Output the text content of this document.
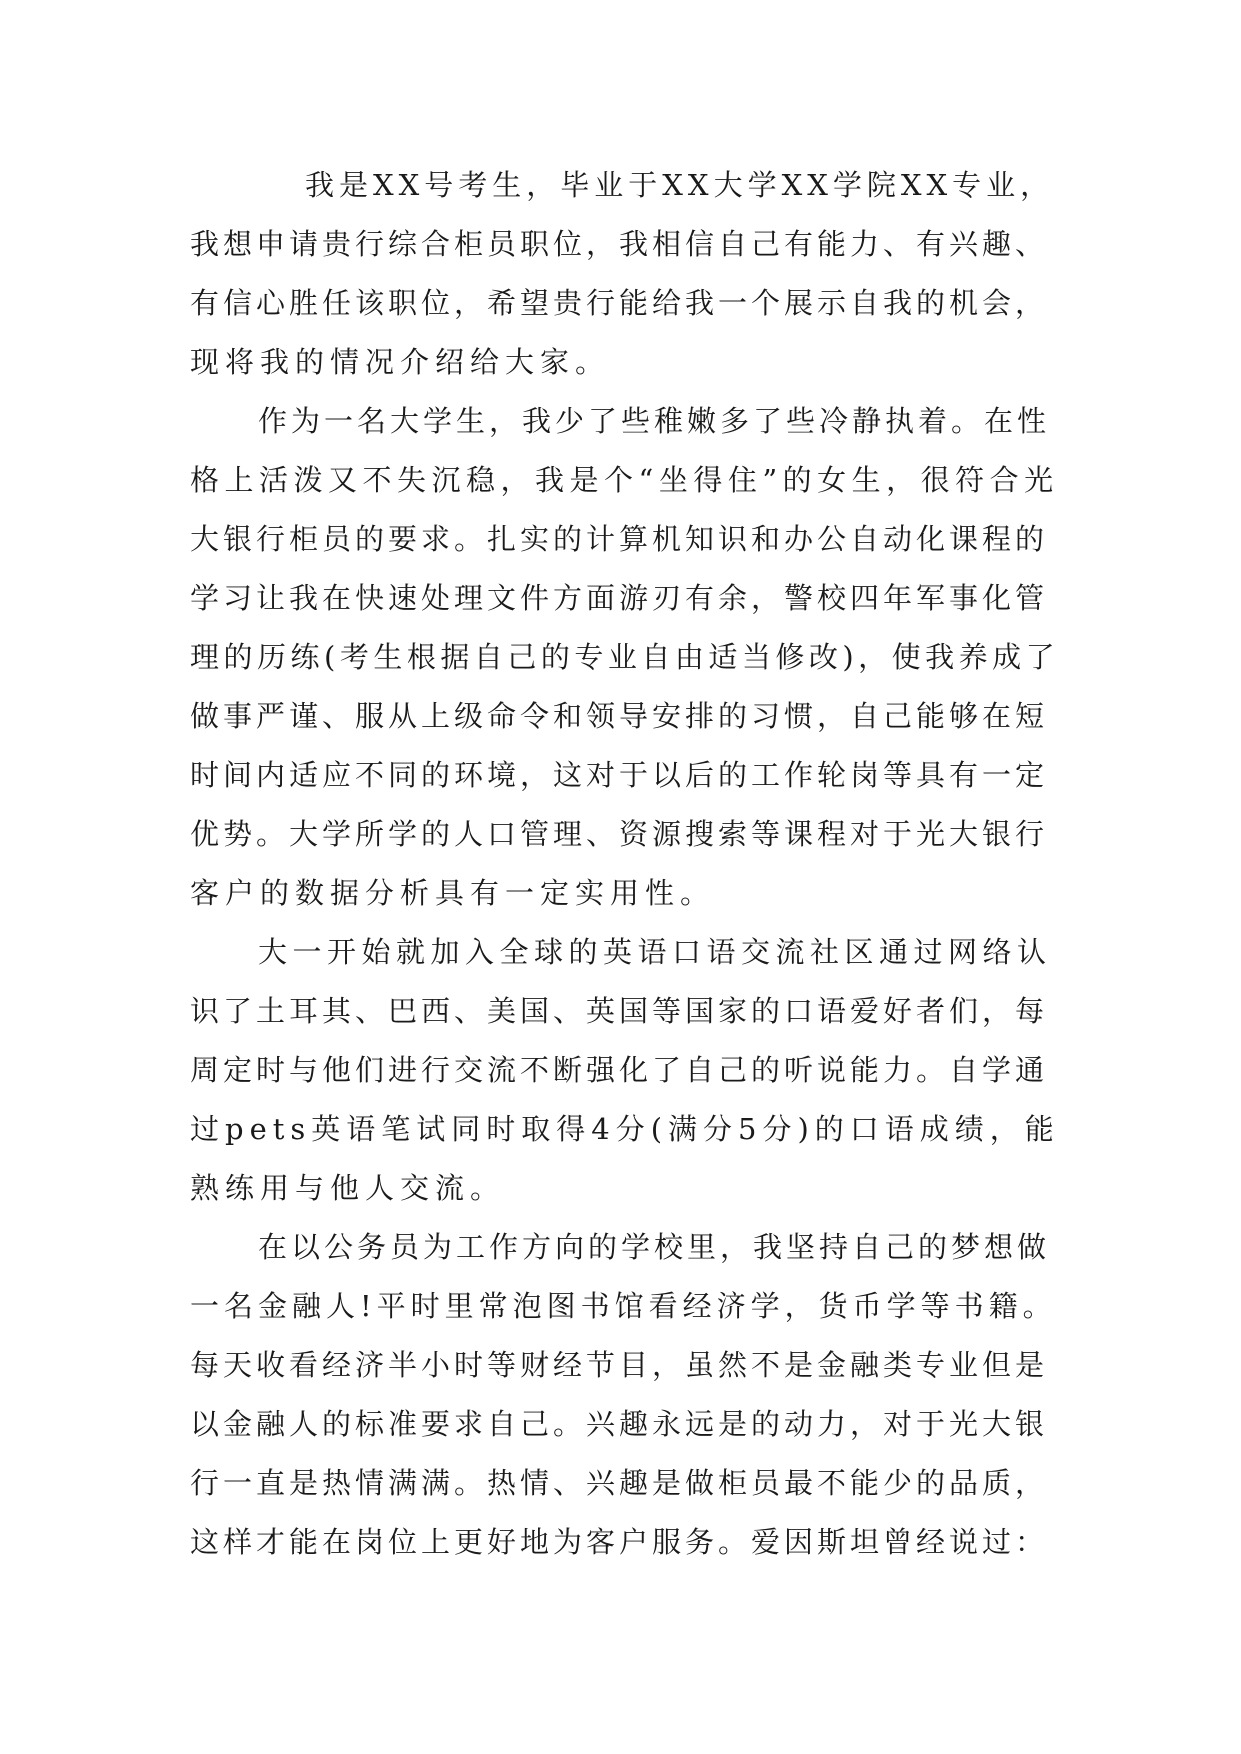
我是XX号考生，毕业于XX大学XX学院XX专业，
我想申请贵行综合柜员职位，我相信自己有能力、有兴趣、
有信心胜任该职位，希望贵行能给我一个展示自我的机会，
现将我的情况介绍给大家。
作为一名大学生，我少了些稚嫩多了些冷静执着。在性
格上活泼又不失沉稳，我是个“坐得住”的女生，很符合光
大银行柜员的要求。扎实的计算机知识和办公自动化课程的
学习让我在快速处理文件方面游刃有余，警校四年军事化管
理的历练(考生根据自己的专业自由适当修改)，使我养成了
做事严谨、服从上级命令和领导安排的习惯，自己能够在短
时间内适应不同的环境，这对于以后的工作轮岗等具有一定
优势。大学所学的人口管理、资源搜索等课程对于光大银行
客户的数据分析具有一定实用性。
大一开始就加入全球的英语口语交流社区通过网络认
识了土耳其、巴西、美国、英国等国家的口语爱好者们，每
周定时与他们进行交流不断强化了自己的听说能力。自学通
过pets英语笔试同时取得4分(满分5分)的口语成绩，能
熟练用与他人交流。
在以公务员为工作方向的学校里，我坚持自己的梦想做
一名金融人!平时里常泡图书馆看经济学，货币学等书籍。
每天收看经济半小时等财经节目，虽然不是金融类专业但是
以金融人的标准要求自己。兴趣永远是的动力，对于光大银
行一直是热情满满。热情、兴趣是做柜员最不能少的品质，
这样才能在岗位上更好地为客户服务。爱因斯坦曾经说过：
